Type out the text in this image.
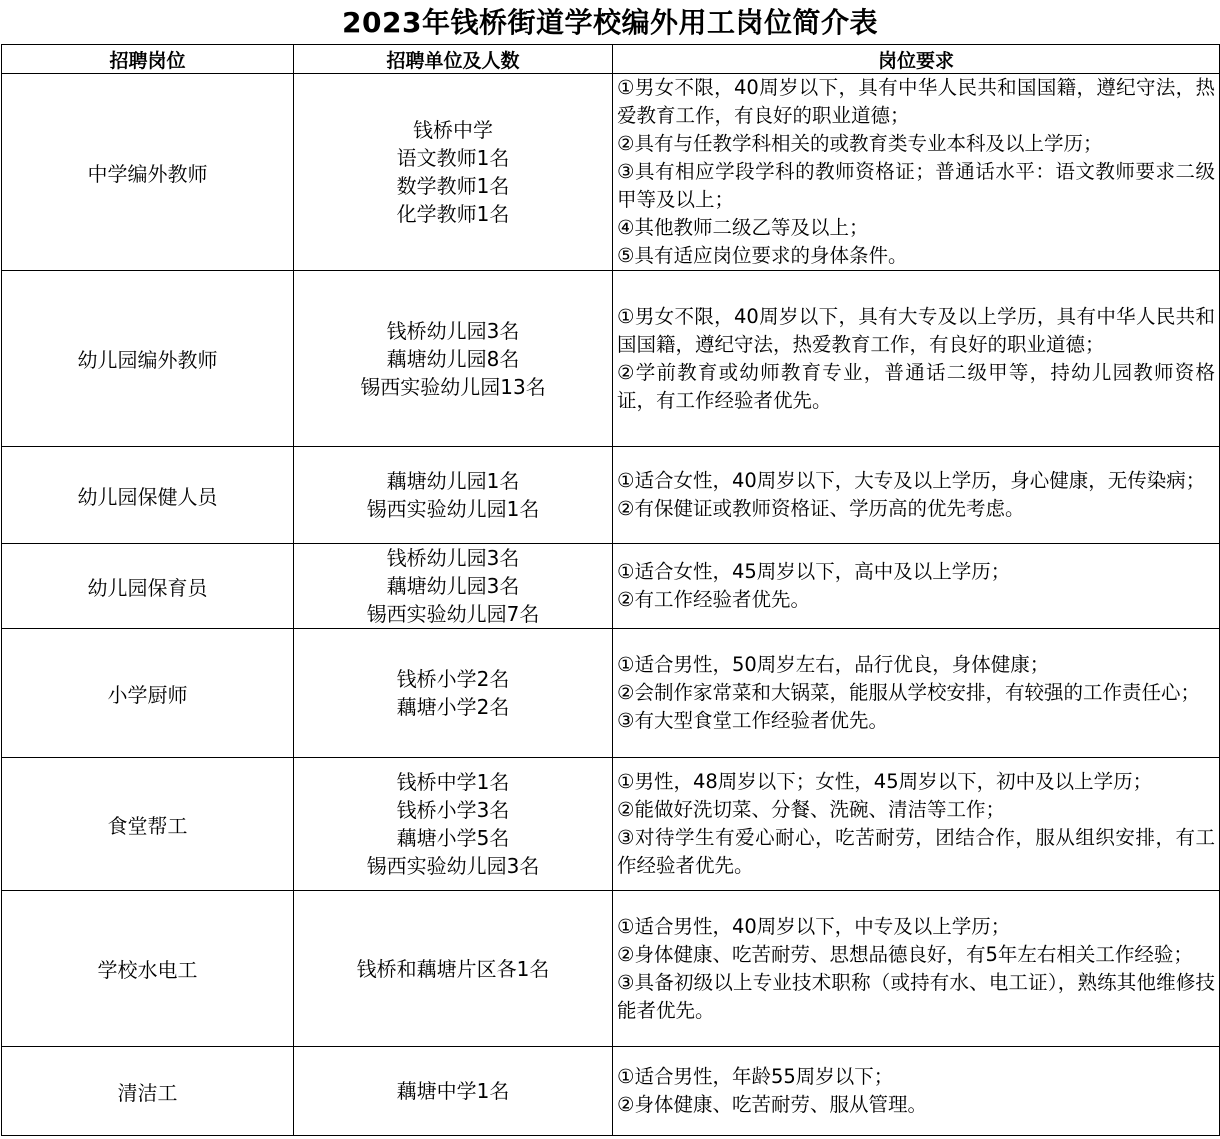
2023年钱桥街道学校编外用工岗位简介表
招聘岗位	招聘单位及人数	岗位要求
中学编外教师	钱桥中学
语文教师1名
数学教师1名
化学教师1名	①男女不限，40周岁以下，具有中华人民共和国国籍，遵纪守法，热爱教育工作，有良好的职业道德；
②具有与任教学科相关的或教育类专业本科及以上学历；
③具有相应学段学科的教师资格证；普通话水平：语文教师要求二级甲等及以上；
④其他教师二级乙等及以上；
⑤具有适应岗位要求的身体条件。

幼儿园编外教师	钱桥幼儿园3名
藕塘幼儿园8名
锡西实验幼儿园13名	①男女不限，40周岁以下，具有大专及以上学历，具有中华人民共和国国籍，遵纪守法，热爱教育工作，有良好的职业道德；
②学前教育或幼师教育专业，普通话二级甲等，持幼儿园教师资格证，有工作经验者优先。

幼儿园保健人员	藕塘幼儿园1名
锡西实验幼儿园1名	①适合女性，40周岁以下，大专及以上学历，身心健康，无传染病；
②有保健证或教师资格证、学历高的优先考虑。

幼儿园保育员	钱桥幼儿园3名
藕塘幼儿园3名
锡西实验幼儿园7名	①适合女性，45周岁以下，高中及以上学历；
②有工作经验者优先。

小学厨师	钱桥小学2名
藕塘小学2名	①适合男性，50周岁左右，品行优良，身体健康；
②会制作家常菜和大锅菜，能服从学校安排，有较强的工作责任心；
③有大型食堂工作经验者优先。

食堂帮工	钱桥中学1名
钱桥小学3名
藕塘小学5名
锡西实验幼儿园3名	①男性，48周岁以下；女性，45周岁以下，初中及以上学历；
②能做好洗切菜、分餐、洗碗、清洁等工作；
③对待学生有爱心耐心，吃苦耐劳，团结合作，服从组织安排，有工作经验者优先。

学校水电工	钱桥和藕塘片区各1名	①适合男性，40周岁以下，中专及以上学历；
②身体健康、吃苦耐劳、思想品德良好，有5年左右相关工作经验；
③具备初级以上专业技术职称（或持有水、电工证），熟练其他维修技能者优先。

清洁工	藕塘中学1名	①适合男性，年龄55周岁以下；
②身体健康、吃苦耐劳、服从管理。
